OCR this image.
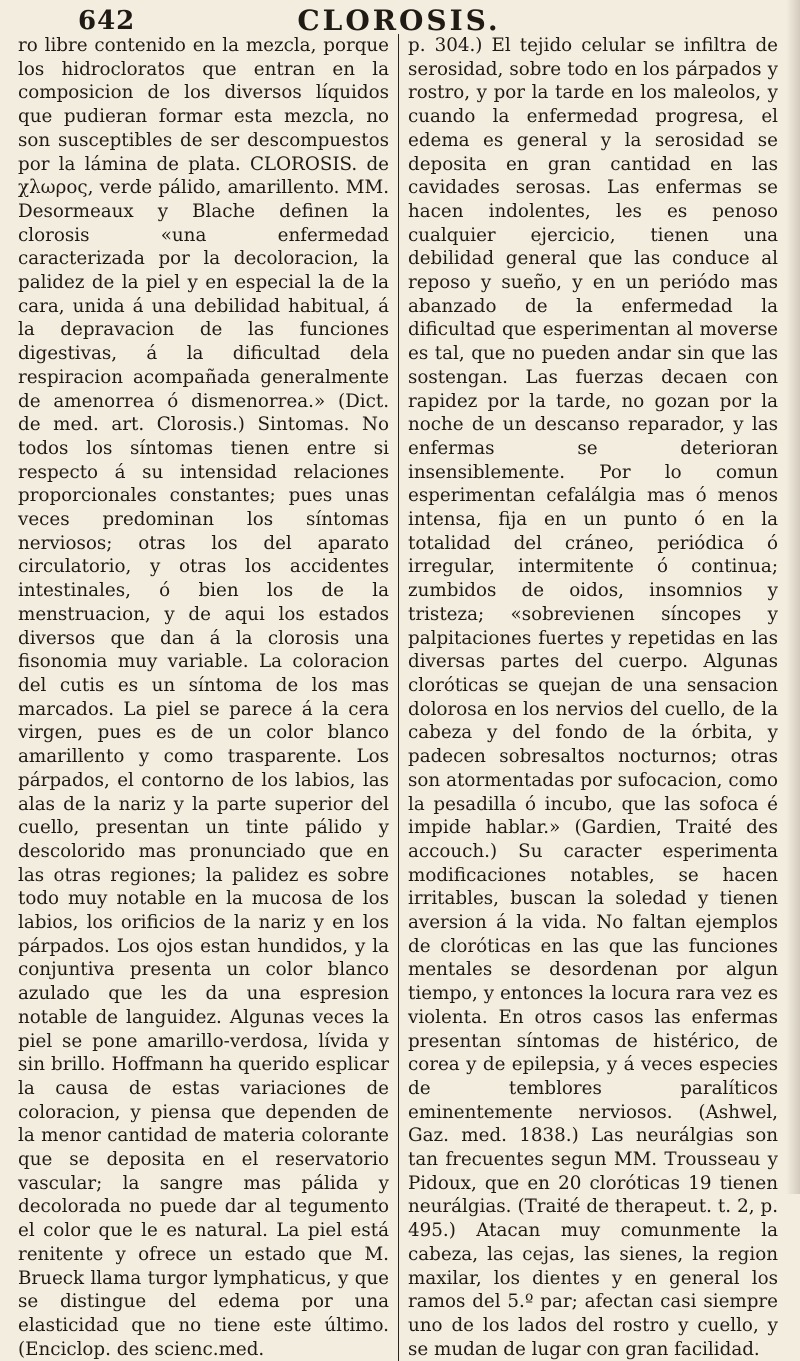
642	CLOROSIS.

ro libre contenido en la mezcla, porque los hidrocloratos que entran en la composicion de los diversos líquidos que pudieran formar esta mezcla, no son susceptibles de ser descompuestos por la lámina de plata. CLOROSIS. de χλωρος, verde pálido, amarillento. MM. Desormeaux y Blache definen la clorosis «una enfermedad caracterizada por la decoloracion, la palidez de la piel y en especial la de la cara, unida á una debilidad habitual, á la depravacion de las funciones digestivas, á la dificultad dela respiracion acompañada generalmente de amenorrea ó dismenorrea.» (Dict. de med. art. Clorosis.) Sintomas. No todos los síntomas tienen entre si respecto á su intensidad relaciones proporcionales constantes; pues unas veces predominan los síntomas nerviosos; otras los del aparato circulatorio, y otras los accidentes intestinales, ó bien los de la menstruacion, y de aqui los estados diversos que dan á la clorosis una fisonomia muy variable. La coloracion del cutis es un síntoma de los mas marcados. La piel se parece á la cera virgen, pues es de un color blanco amarillento y como trasparente. Los párpados, el contorno de los labios, las alas de la nariz y la parte superior del cuello, presentan un tinte pálido y descolorido mas pronunciado que en las otras regiones; la palidez es sobre todo muy notable en la mucosa de los labios, los orificios de la nariz y en los párpados. Los ojos estan hundidos, y la conjuntiva presenta un color blanco azulado que les da una espresion notable de languidez. Algunas veces la piel se pone amarillo-verdosa, lívida y sin brillo. Hoffmann ha querido esplicar la causa de estas variaciones de coloracion, y piensa que dependen de la menor cantidad de materia colorante que se deposita en el reservatorio vascular; la sangre mas pálida y decolorada no puede dar al tegumento el color que le es natural. La piel está renitente y ofrece un estado que M. Brueck llama turgor lymphaticus, y que se distingue del edema por una elasticidad que no tiene este último. (Enciclop. des scienc.med.

p. 304.) El tejido celular se infiltra de serosidad, sobre todo en los párpados y rostro, y por la tarde en los maleolos, y cuando la enfermedad progresa, el edema es general y la serosidad se deposita en gran cantidad en las cavidades serosas. Las enfermas se hacen indolentes, les es penoso cualquier ejercicio, tienen una debilidad general que las conduce al reposo y sueño, y en un periódo mas abanzado de la enfermedad la dificultad que esperimentan al moverse es tal, que no pueden andar sin que las sostengan. Las fuerzas decaen con rapidez por la tarde, no gozan por la noche de un descanso reparador, y las enfermas se deterioran insensiblemente. Por lo comun esperimentan cefalálgia mas ó menos intensa, fija en un punto ó en la totalidad del cráneo, periódica ó irregular, intermitente ó continua; zumbidos de oidos, insomnios y tristeza; «sobrevienen síncopes y palpitaciones fuertes y repetidas en las diversas partes del cuerpo. Algunas cloróticas se quejan de una sensacion dolorosa en los nervios del cuello, de la cabeza y del fondo de la órbita, y padecen sobresaltos nocturnos; otras son atormentadas por sufocacion, como la pesadilla ó incubo, que las sofoca é impide hablar.» (Gardien, Traité des accouch.) Su caracter esperimenta modificaciones notables, se hacen irritables, buscan la soledad y tienen aversion á la vida. No faltan ejemplos de cloróticas en las que las funciones mentales se desordenan por algun tiempo, y entonces la locura rara vez es violenta. En otros casos las enfermas presentan síntomas de histérico, de corea y de epilepsia, y á veces especies de temblores paralíticos eminentemente nerviosos. (Ashwel, Gaz. med. 1838.) Las neurálgias son tan frecuentes segun MM. Trousseau y Pidoux, que en 20 cloróticas 19 tienen neurálgias. (Traité de therapeut. t. 2, p. 495.) Atacan muy comunmente la cabeza, las cejas, las sienes, la region maxilar, los dientes y en general los ramos del 5.º par; afectan casi siempre uno de los lados del rostro y cuello, y se mudan de lugar con gran facilidad.
